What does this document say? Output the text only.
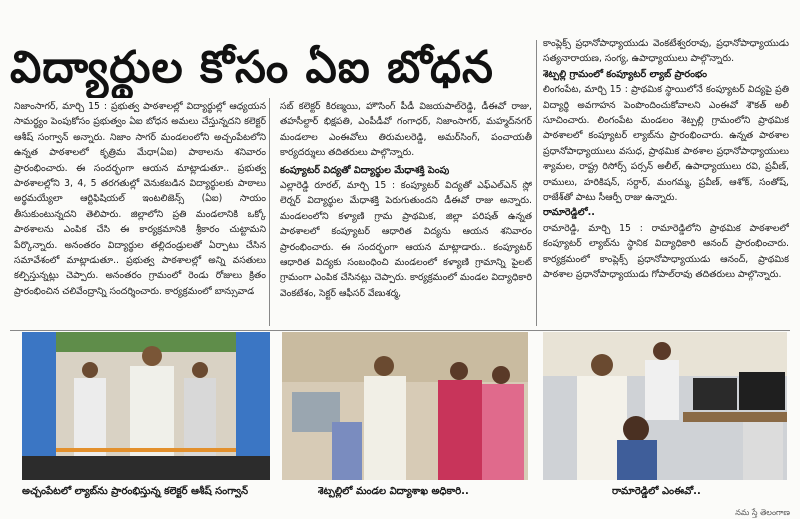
విద్యార్థుల కోసం ఏఐ బోధన

నిజాంసాగర్, మార్చి 15 : ప్రభుత్వ పాఠశాలల్లో విద్యార్థుల్లో ఆధ్యయన సామర్థ్యం పెంపుకోసం ప్రభుత్వం ఏఐ బోధన అమలు చేస్తున్నదని కలెక్టర్ ఆశీష్ సంగ్వాన్ అన్నారు. నిజాం సాగర్ మండలంలోని అచ్చంపేటలోని ఉన్నత పాఠశాలలో కృత్రిమ మేధా(ఏఐ) పాఠాలను శనివారం ప్రారంభించారు. ఈ సందర్భంగా ఆయన మాట్లాడుతూ.. ప్రభుత్వ పాఠశాలల్లోని 3, 4, 5 తరగతుల్లో వెనుకబడిన విద్యార్థులకు పాఠాలు అర్థమయ్యేలా ఆర్టిఫిషియల్ ఇంటలిజెన్స్ (ఏఐ) సాయం తీసుకుంటున్నదని తెలిపారు. జిల్లాలోని ప్రతి మండలానికి ఒక్కో పాఠశాలను ఎంపిక చేసి ఈ కార్యక్రమానికి శ్రీకారం చుట్టామని పేర్కొన్నారు. అనంతరం విద్యార్థుల తల్లిదండ్రులతో ఏర్పాటు చేసిన సమావేశంలో మాట్లాడుతూ.. ప్రభుత్వ పాఠశాలల్లో అన్ని వసతులు కల్పిస్తున్నట్లు చెప్పారు. అనంతరం గ్రామంలో రెండు రోజులు క్రితం ప్రారంభించిన చలివేంద్రాన్ని సందర్శించారు. కార్యక్రమంలో బాన్సువాడ

సబ్ కలెక్టర్ కిరణ్మయి, హౌసింగ్ పీడీ విజయపాల్‌రెడ్డి, డీఈవో రాజు, తహసీల్దార్ భిక్షపతి, ఎంపీడీవో గంగాధర్, నిజాంసాగర్, మహ్మద్‌నగర్ మండలాల ఎంఈవోలు తిరుమలరెడ్డి, అమర్‌సింగ్, పంచాయతీ కార్యదర్శులు తదితరులు పాల్గొన్నారు.

కంప్యూటర్ విద్యతో విద్యార్థుల మేధాశక్తి పెంపు

ఎల్లారెడ్డి రూరల్, మార్చి 15 : కంప్యూటర్ విద్యతో ఎఫ్‌ఎల్‌ఎన్ స్లో లెర్నర్ విద్యార్థుల మేధాశక్తి పెరుగుతుందని డీఈవో రాజు అన్నారు. మండలంలోని కళ్యాణి గ్రామ ప్రాథమిక, జిల్లా పరిషత్ ఉన్నత పాఠశాలలో కంప్యూటర్ ఆధారిత విద్యను ఆయన శనివారం ప్రారంభించారు. ఈ సందర్భంగా ఆయన మాట్లాడారు.. కంప్యూటర్ ఆధారిత విద్యకు సంబంధించి మండలంలో కళ్యాణి గ్రామాన్ని పైలట్ గ్రామంగా ఎంపిక చేసినట్లు చెప్పారు. కార్యక్రమంలో మండల విద్యాధికారి వెంకటేశం, సెక్టర్ ఆఫీసర్ వేణుశర్మ,

కాంప్లెక్స్ ప్రధానోపాధ్యాయుడు వెంకటేశ్వరరావు, ప్రధానోపాధ్యాయుడు సత్యనారాయణ, సంగ్య, ఉపాధ్యాయులు పాల్గొన్నారు.

శెట్పల్లి గ్రామంలో కంప్యూటర్ ల్యాబ్ ప్రారంభం

లింగంపేట, మార్చి 15 : ప్రాథమిక స్థాయిలోనే కంప్యూటర్ విద్యపై ప్రతి విద్యార్థి అవగాహన పెంపొందించుకోవాలని ఎంఈవో శౌకత్ అలీ సూచించారు. లింగంపేట మండలం శెట్పల్లి గ్రామంలోని ప్రాథమిక పాఠశాలలో కంప్యూటర్ ల్యాబ్‌ను ప్రారంభించారు. ఉన్నత పాఠశాల ప్రధానోపాధ్యాయులు వసుధ, ప్రాథమిక పాఠశాల ప్రధానోపాధ్యాయులు శ్యామల, రాష్ట్ర రిసోర్స్ పర్సన్ అలీల్, ఉపాధ్యాయులు రవి, ప్రవీణ్, రాములు, హరికిషన్, సర్దార్, మంగమ్మ, ప్రవీణ్, ఆశోక్, సంతోష్, రాజేశ్‌తో పాటు సీఆర్పీ రాజు ఉన్నారు.

రామారెడ్డిలో..

రామారెడ్డి, మార్చి 15 : రామారెడ్డిలోని ప్రాథమిక పాఠశాలలో కంప్యూటర్ ల్యాబ్‌ను స్థానిక విద్యాధికారి ఆనంద్ ప్రారంభించారు. కార్యక్రమంలో కాంప్లెక్స్ ప్రధానోపాధ్యాయుడు ఆనంద్, ప్రాథమిక పాఠశాల ప్రధానోపాధ్యాయుడు గోపాల్‌రావు తదితరులు పాల్గొన్నారు.

అచ్చంపేటలో ల్యాబ్‌ను ప్రారంభిస్తున్న కలెక్టర్ ఆశీష్ సంగ్వాన్	శెట్పల్లిలో మండల విద్యాశాఖ అధికారి..	రామారెడ్డిలో ఎంఈవో..
నమ స్తే తెలంగాణ
